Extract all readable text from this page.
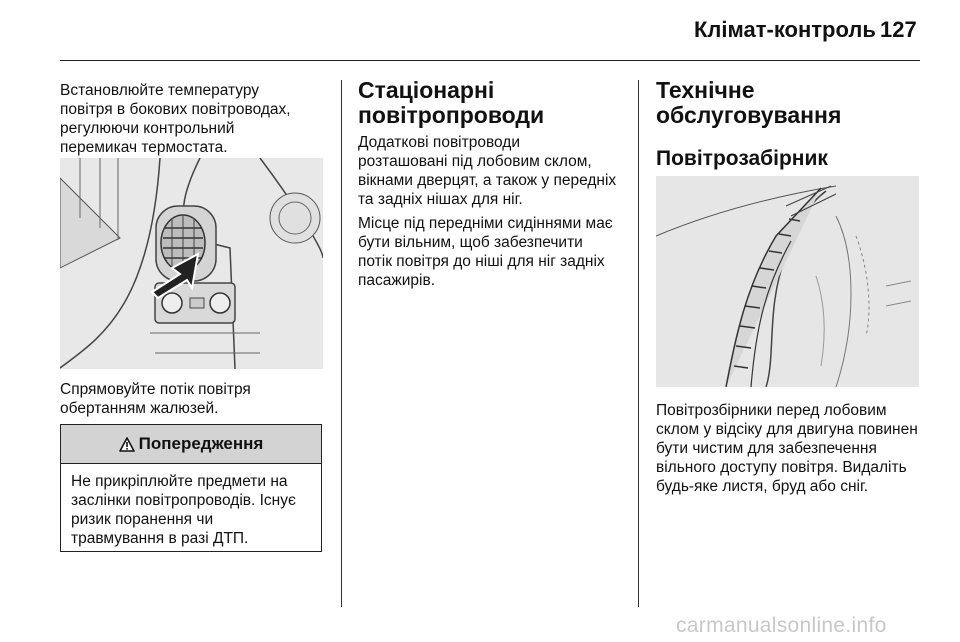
Клімат-контроль 127

Встановлюйте температуру
повітря в бокових повітроводах,
регулюючи контрольний
перемикач термостата.

Спрямовуйте потік повітря
обертанням жалюзей.

Попередження
Не прикріплюйте предмети на
заслінки повітропроводів. Існує
ризик поранення чи
травмування в разі ДТП.
Стаціонарні
повітропроводи

Додаткові повітроводи
розташовані під лобовим склом,
вікнами дверцят, а також у передніх
та задніх нішах для ніг.

Місце під передніми сидіннями має
бути вільним, щоб забезпечити
потік повітря до ніші для ніг задніх
пасажирів.

Технічне
обслуговування
Повітрозабірник

Повітрозбірники перед лобовим
склом у відсіку для двигуна повинен
бути чистим для забезпечення
вільного доступу повітря. Видаліть
будь-яке листя, бруд або сніг.

carmanualsonline.info
